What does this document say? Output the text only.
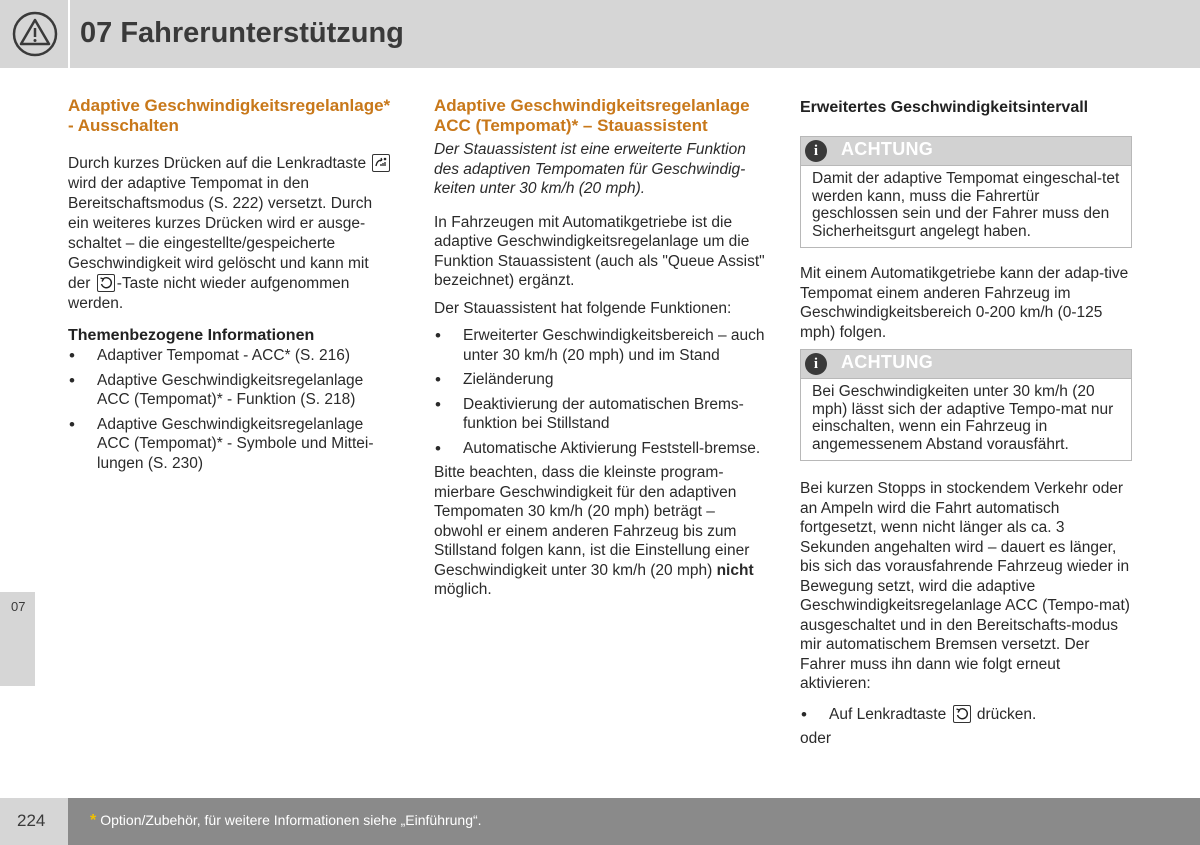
07 Fahrerunterstützung
07
Adaptive Geschwindigkeitsregelanlage* - Ausschalten

Durch kurzes Drücken auf die Lenkradtaste
wird der adaptive Tempomat in den Bereitschaftsmodus (S. 222) versetzt. Durch ein weiteres kurzes Drücken wird er ausge-schaltet – die eingestellte/gespeicherte Geschwindigkeit wird gelöscht und kann mit der -Taste nicht wieder aufgenommen werden.

Themenbezogene Informationen
• Adaptiver Tempomat - ACC* (S. 216)
• Adaptive Geschwindigkeitsregelanlage ACC (Tempomat)* - Funktion (S. 218)
• Adaptive Geschwindigkeitsregelanlage ACC (Tempomat)* - Symbole und Mittei-lungen (S. 230)
Adaptive Geschwindigkeitsregelanlage ACC (Tempomat)* – Stauassistent

Der Stauassistent ist eine erweiterte Funktion des adaptiven Tempomaten für Geschwindig-keiten unter 30 km/h (20 mph).

In Fahrzeugen mit Automatikgetriebe ist die adaptive Geschwindigkeitsregelanlage um die Funktion Stauassistent (auch als "Queue Assist" bezeichnet) ergänzt.

Der Stauassistent hat folgende Funktionen:

• Erweiterter Geschwindigkeitsbereich – auch unter 30 km/h (20 mph) und im Stand
• Zieländerung
• Deaktivierung der automatischen Brems-funktion bei Stillstand
• Automatische Aktivierung Feststell-bremse.

Bitte beachten, dass die kleinste program-mierbare Geschwindigkeit für den adaptiven Tempomaten 30 km/h (20 mph) beträgt – obwohl er einem anderen Fahrzeug bis zum Stillstand folgen kann, ist die Einstellung einer Geschwindigkeit unter 30 km/h (20 mph) nicht möglich.

Erweitertes Geschwindigkeitsintervall
i	ACHTUNG
Damit der adaptive Tempomat eingeschal-tet werden kann, muss die Fahrertür geschlossen sein und der Fahrer muss den Sicherheitsgurt angelegt haben.

Mit einem Automatikgetriebe kann der adap-tive Tempomat einem anderen Fahrzeug im Geschwindigkeitsbereich 0-200 km/h (0-125 mph) folgen.

i	ACHTUNG
Bei Geschwindigkeiten unter 30 km/h (20 mph) lässt sich der adaptive Tempo-mat nur einschalten, wenn ein Fahrzeug in angemessenem Abstand vorausfährt.

Bei kurzen Stopps in stockendem Verkehr oder an Ampeln wird die Fahrt automatisch fortgesetzt, wenn nicht länger als ca. 3 Sekunden angehalten wird – dauert es länger, bis sich das vorausfahrende Fahrzeug wieder in Bewegung setzt, wird die adaptive Geschwindigkeitsregelanlage ACC (Tempo-mat) ausgeschaltet und in den Bereitschafts-modus mir automatischem Bremsen versetzt. Der Fahrer muss ihn dann wie folgt erneut aktivieren:

• Auf Lenkradtaste drücken.

oder

224	* Option/Zubehör, für weitere Informationen siehe „Einführung“.
